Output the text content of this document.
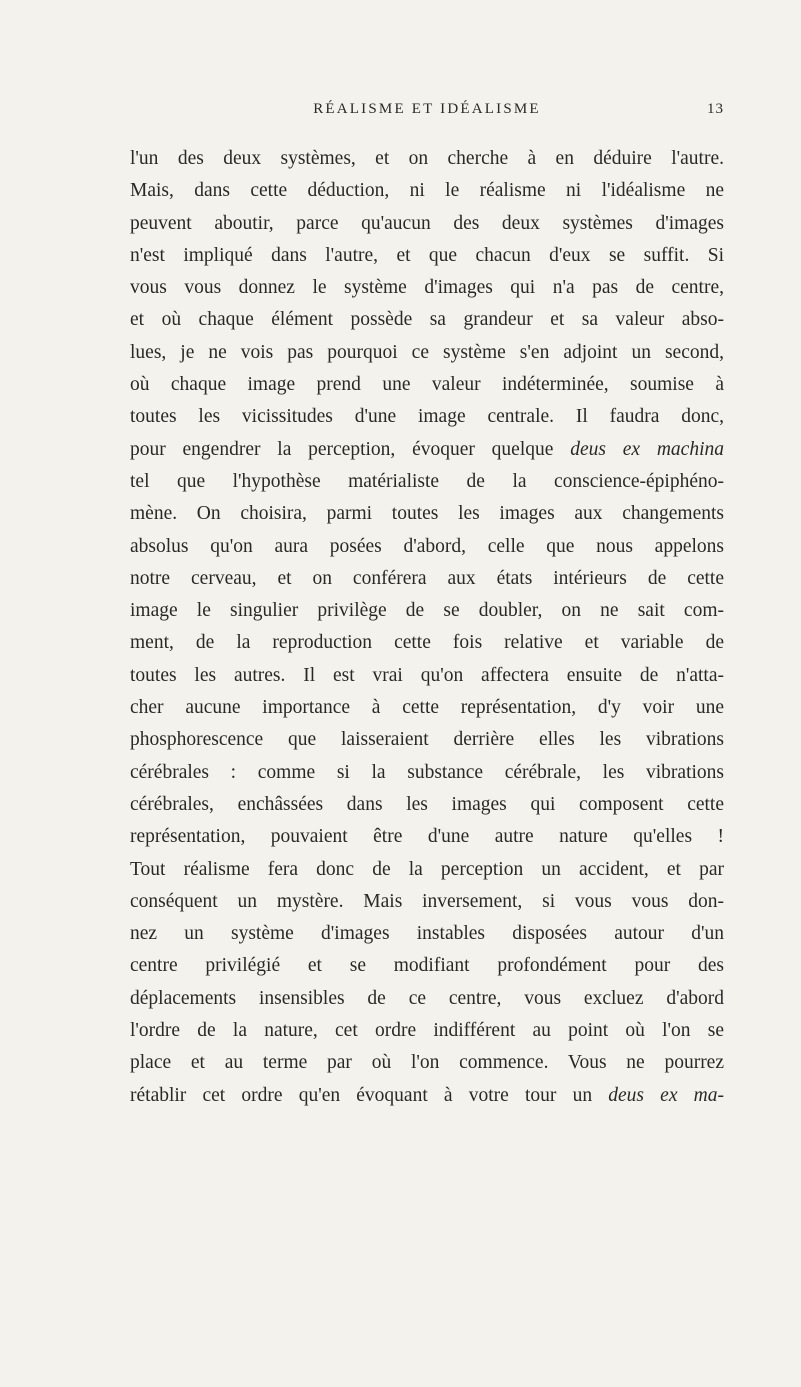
RÉALISME ET IDÉALISME	13
l'un des deux systèmes, et on cherche à en déduire l'autre.
Mais, dans cette déduction, ni le réalisme ni l'idéalisme ne
peuvent aboutir, parce qu'aucun des deux systèmes d'images
n'est impliqué dans l'autre, et que chacun d'eux se suffit. Si
vous vous donnez le système d'images qui n'a pas de centre,
et où chaque élément possède sa grandeur et sa valeur abso-
lues, je ne vois pas pourquoi ce système s'en adjoint un second,
où chaque image prend une valeur indéterminée, soumise à
toutes les vicissitudes d'une image centrale. Il faudra donc,
pour engendrer la perception, évoquer quelque deus ex machina
tel que l'hypothèse matérialiste de la conscience-épiphéno-
mène. On choisira, parmi toutes les images aux changements
absolus qu'on aura posées d'abord, celle que nous appelons
notre cerveau, et on conférera aux états intérieurs de cette
image le singulier privilège de se doubler, on ne sait com-
ment, de la reproduction cette fois relative et variable de
toutes les autres. Il est vrai qu'on affectera ensuite de n'atta-
cher aucune importance à cette représentation, d'y voir une
phosphorescence que laisseraient derrière elles les vibrations
cérébrales : comme si la substance cérébrale, les vibrations
cérébrales, enchâssées dans les images qui composent cette
représentation, pouvaient être d'une autre nature qu'elles !
Tout réalisme fera donc de la perception un accident, et par
conséquent un mystère. Mais inversement, si vous vous don-
nez un système d'images instables disposées autour d'un
centre privilégié et se modifiant profondément pour des
déplacements insensibles de ce centre, vous excluez d'abord
l'ordre de la nature, cet ordre indifférent au point où l'on se
place et au terme par où l'on commence. Vous ne pourrez
rétablir cet ordre qu'en évoquant à votre tour un deus ex ma-
